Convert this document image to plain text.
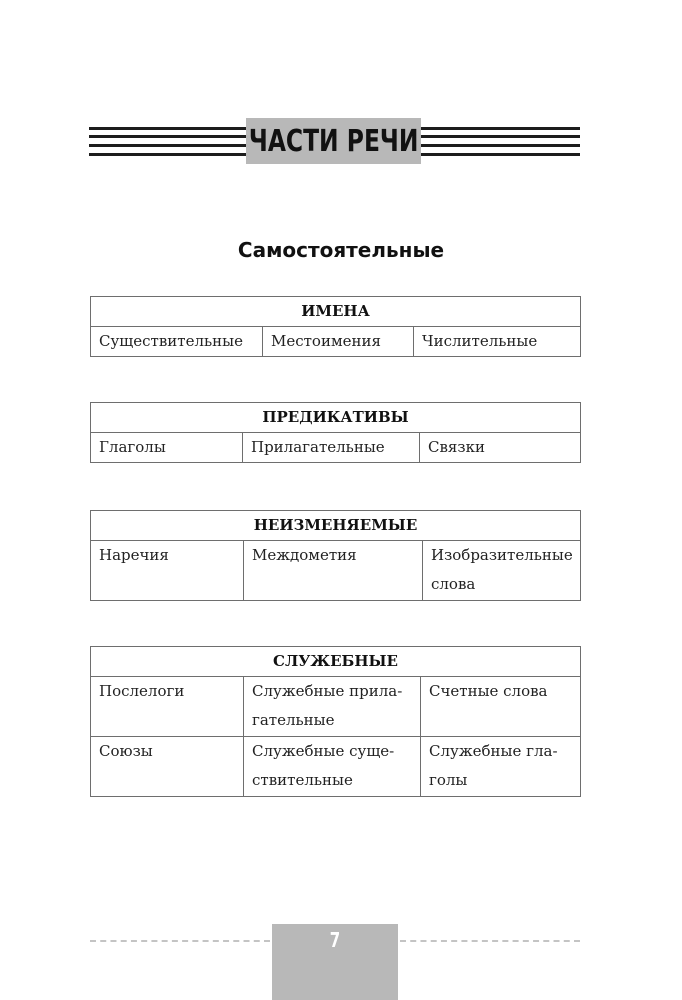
ЧАСТИ РЕЧИ
Самостоятельные
ИМЕНА
Существительные	Местоимения	Числительные
ПРЕДИКАТИВЫ
Глаголы	Прилагательные	Связки
НЕИЗМЕНЯЕМЫЕ
Наречия	Междометия	Изобразительные слова
СЛУЖЕБНЫЕ		
Послелоги	Служебные прила-гательные	Счетные слова
Союзы	Служебные суще-ствительные	Служебные гла-голы
7
